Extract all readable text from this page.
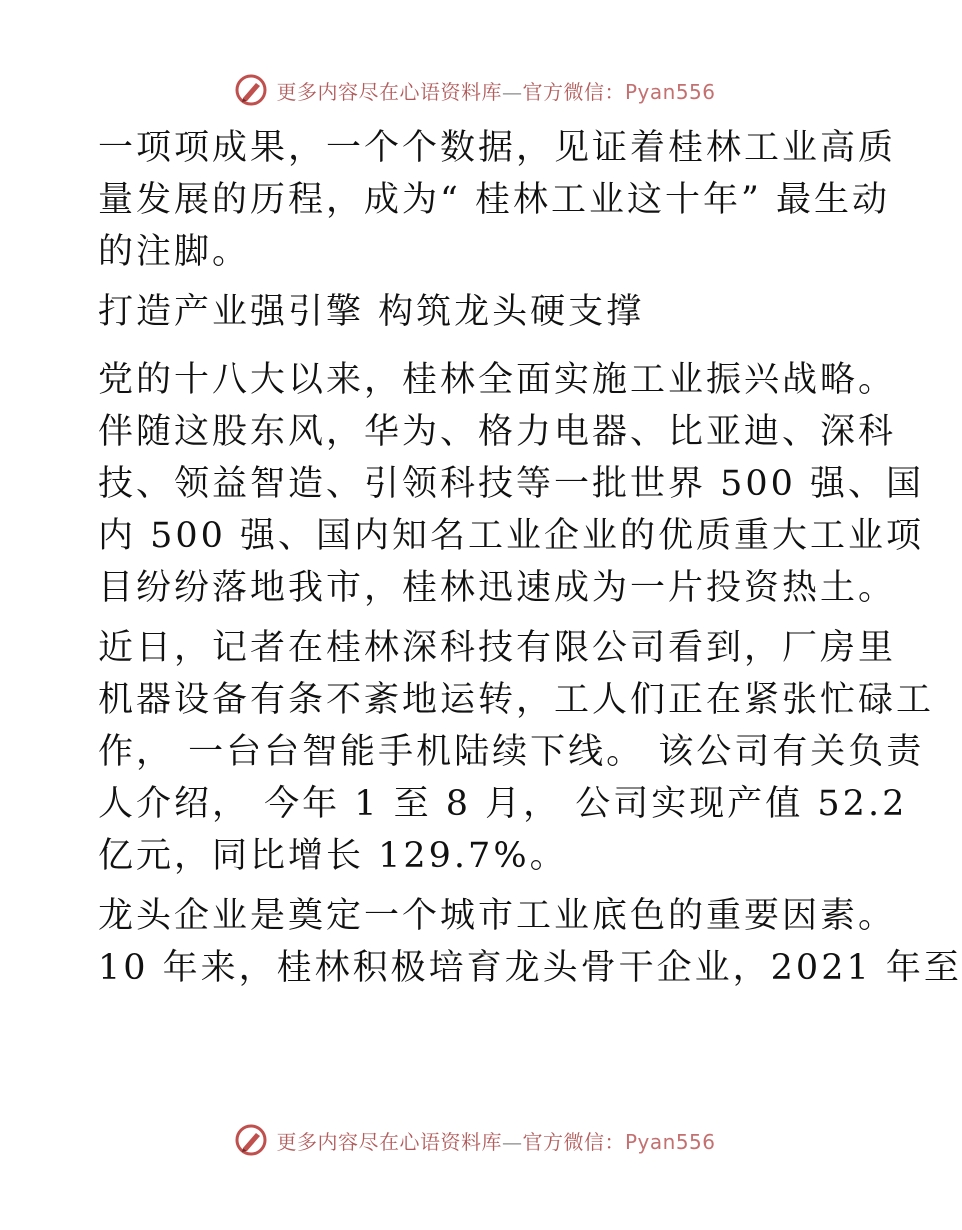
更多内容尽在心语资料库—官方微信：Pyan556
一项项成果，一个个数据，见证着桂林工业高质
量发展的历程，成为“ 桂林工业这十年” 最生动
的注脚。
打造产业强引擎 构筑龙头硬支撑
党的十八大以来，桂林全面实施工业振兴战略。
伴随这股东风，华为、格力电器、比亚迪、深科
技、领益智造、引领科技等一批世界 500 强、国
内 500 强、国内知名工业企业的优质重大工业项
目纷纷落地我市，桂林迅速成为一片投资热土。
近日，记者在桂林深科技有限公司看到，厂房里
机器设备有条不紊地运转，工人们正在紧张忙碌工
作， 一台台智能手机陆续下线。 该公司有关负责
人介绍， 今年 1 至 8 月， 公司实现产值 52.2
亿元，同比增长 129.7%。
龙头企业是奠定一个城市工业底色的重要因素。
10 年来，桂林积极培育龙头骨干企业，2021 年至
更多内容尽在心语资料库—官方微信：Pyan556
